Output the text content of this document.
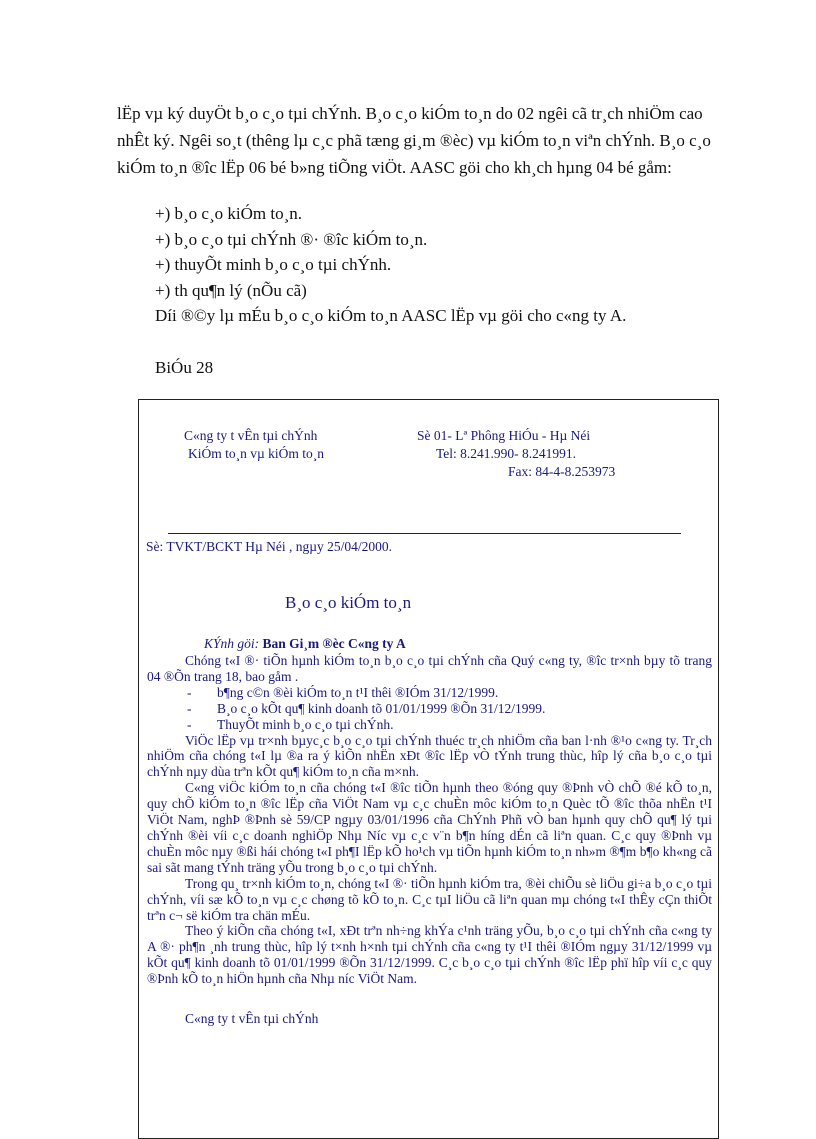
lËp vµ ký duyÖt b¸o c¸o tµi chÝnh. B¸o c¸o kiÓm to¸n do 02 ngêi cã tr¸ch nhiÖm cao nhÊt ký. Ngêi so¸t (thêng lµ c¸c phã tæng gi¸m ®èc) vµ kiÓm to¸n viªn chÝnh. B¸o c¸o kiÓm to¸n ®îc lËp 06 bé b»ng tiÕng viÖt. AASC göi cho kh¸ch hµng 04 bé gåm:

+) b¸o c¸o kiÓm to¸n.
+) b¸o c¸o tµi chÝnh ®· ®îc kiÓm to¸n.
+) thuyÕt minh b¸o c¸o tµi chÝnh.
+) th qu¶n lý (nÕu cã)
Díi ®©y lµ mÉu b¸o c¸o kiÓm to¸n AASC lËp vµ göi cho c«ng ty A.
BiÓu 28
C«ng ty t vÊn tµi chÝnh
KiÓm to¸n vµ kiÓm to¸n
Sè 01- Lª Phông HiÓu - Hµ Néi
Tel: 8.241.990- 8.241991.
Fax: 84-4-8.253973
Sè: TVKT/BCKT Hµ Néi , ngµy 25/04/2000.
B¸o c¸o kiÓm to¸n
KÝnh göi: Ban Gi¸m ®èc C«ng ty A

Chóng t«I ®· tiÕn hµnh kiÓm to¸n b¸o c¸o tµi chÝnh cña Quý c«ng ty, ®îc tr×nh bµy tõ trang 04 ®Õn trang 18, bao gåm .

-	b¶ng c©n ®èi kiÓm to¸n t¹I thêi ®IÓm 31/12/1999.
-	B¸o c¸o kÕt qu¶ kinh doanh tõ 01/01/1999 ®Õn 31/12/1999.
-	ThuyÕt minh b¸o c¸o tµi chÝnh.

ViÖc lËp vµ tr×nh bµyc¸c b¸o c¸o tµi chÝnh thuéc tr¸ch nhiÖm cña ban l·nh ®¹o c«ng ty. Tr¸ch nhiÖm cña chóng t«I lµ ®a ra ý kiÕn nhËn xÐt ®îc lËp vÒ tÝnh trung thùc, hîp lý cña b¸o c¸o tµi chÝnh nµy dùa trªn kÕt qu¶ kiÓm to¸n cña m×nh.

C«ng viÖc kiÓm to¸n cña chóng t«I ®îc tiÕn hµnh theo ®óng quy ®Þnh vÒ chÕ ®é kÕ to¸n, quy chÕ kiÓm to¸n ®îc lËp cña ViÖt Nam vµ c¸c chuÈn môc kiÓm to¸n Quèc tÕ ®îc thõa nhËn t¹I ViÖt Nam, nghÞ ®Þnh sè 59/CP ngµy 03/01/1996 cña ChÝnh Phñ vÒ ban hµnh quy chÕ qu¶ lý tµi chÝnh ®èi víi c¸c doanh nghiÖp Nhµ Níc vµ c¸c v¨n b¶n híng dÉn cã liªn quan. C¸c quy ®Þnh vµ chuÈn môc nµy ®ßi hái chóng t«I ph¶I lËp kÕ ho¹ch vµ tiÕn hµnh kiÓm to¸n nh»m ®¶m b¶o kh«ng cã sai sãt mang tÝnh träng yÕu trong b¸o c¸o tµi chÝnh.

Trong qu¸ tr×nh kiÓm to¸n, chóng t«I ®· tiÕn hµnh kiÓm tra, ®èi chiÕu sè liÖu gi÷a b¸o c¸o tµi chÝnh, víi sæ kÕ to¸n vµ c¸c chøng tõ kÕ to¸n. C¸c tµI liÖu cã liªn quan mµ chóng t«I thÊy cÇn thiÕt trªn c¬ së kiÓm tra chän mÉu.

Theo ý kiÕn cña chóng t«I, xÐt trªn nh÷ng khÝa c¹nh träng yÕu, b¸o c¸o tµi chÝnh cña c«ng ty A ®· ph¶n ¸nh trung thùc, hîp lý t×nh h×nh tµi chÝnh cña c«ng ty t¹I thêi ®IÓm ngµy 31/12/1999 vµ kÕt qu¶ kinh doanh tõ 01/01/1999 ®Õn 31/12/1999. C¸c b¸o c¸o tµi chÝnh ®îc lËp phï hîp víi c¸c quy ®Þnh kÕ to¸n hiÖn hµnh cña Nhµ níc ViÖt Nam.

C«ng ty t vÊn tµi chÝnh
